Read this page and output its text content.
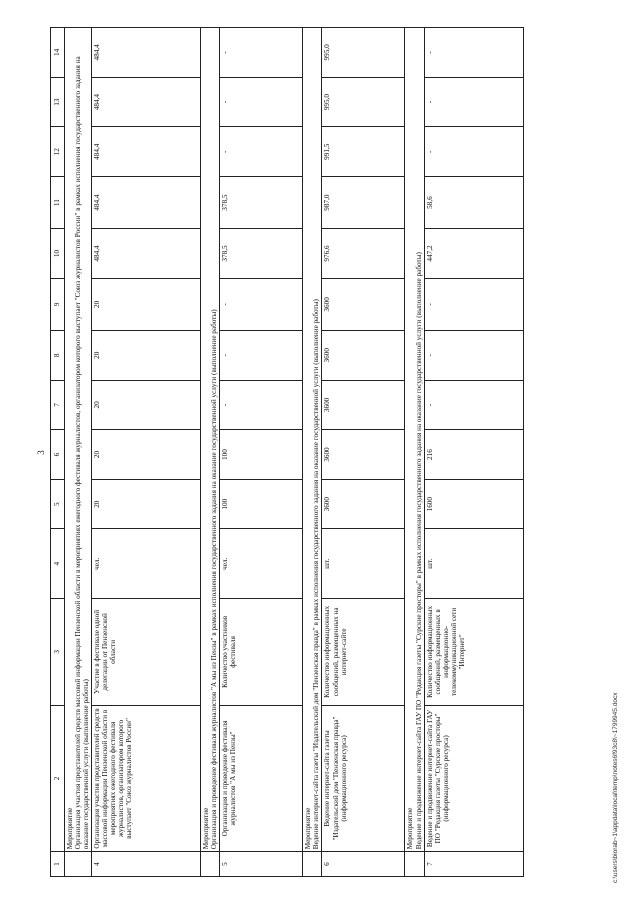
3
1	2	3	4	5	6	7	8	9	10	11	12	13	14
	Мероприятие
Организация участия представителей средств массовой информации Пензенской области в мероприятиях ежегодного фестиваля журналистов, организатором которого выступает "Союз журналистов России" в рамках исполнения государственного задания на оказание государственной услуги (выполнение работы)												
4	Организация участия представителей средств массовой информации Пензенской области в мероприятиях ежегодного фестиваля журналистов, организатором которого выступает "Союз журналистов России"	Участие в фестивале одной делегации от Пензенской области	чел.	20	20	20	20	20	484,4	484,4	484,4	484,4	484,4
	Мероприятие
Организация и проведение фестиваля журналистов "А мы из Пензы" в рамках исполнения государственного задания на оказание государственной услуги (выполнение работы)												
5	Организация и проведение фестиваля журналистов "А мы из Пензы"	Количество участников фестиваля	чел.	100	100	-	-	-	378,5	378,5	-	-	-
	Мероприятие
Ведение интернет-сайта газеты "Издательский дом "Пензенская правда" в рамках исполнения государственного задания на оказание государственной услуги (выполнение работы)												
6	Ведение интернет-сайта газеты "Издательский дом "Пензенская правда" (информационного ресурса)	Количество информационных сообщений, размещенных на интернет-сайте	шт.	3600	3600	3600	3600	3600	976,6	987,0	991,5	995,0	995,0
	Мероприятие
Ведение и продвижение интернет-сайта ГАУ ПО "Редакция газеты "Сурские просторы" в рамках исполнения государственного задания на оказание государственной услуги (выполнение работы)												
7	Ведение и продвижение интернет-сайта ГАУ ПО "Редакция газеты "Сурские просторы" (информационного ресурса)	Количество информационных сообщений, размещенных в информационно-телекоммуникационной сети "Интернет"	шт.	1600	216	-	-	-	447,2	58,6	-	-	-
c:\users\biorab~1\appdata\local\temp\notes6f93c8\~1799945.docx
